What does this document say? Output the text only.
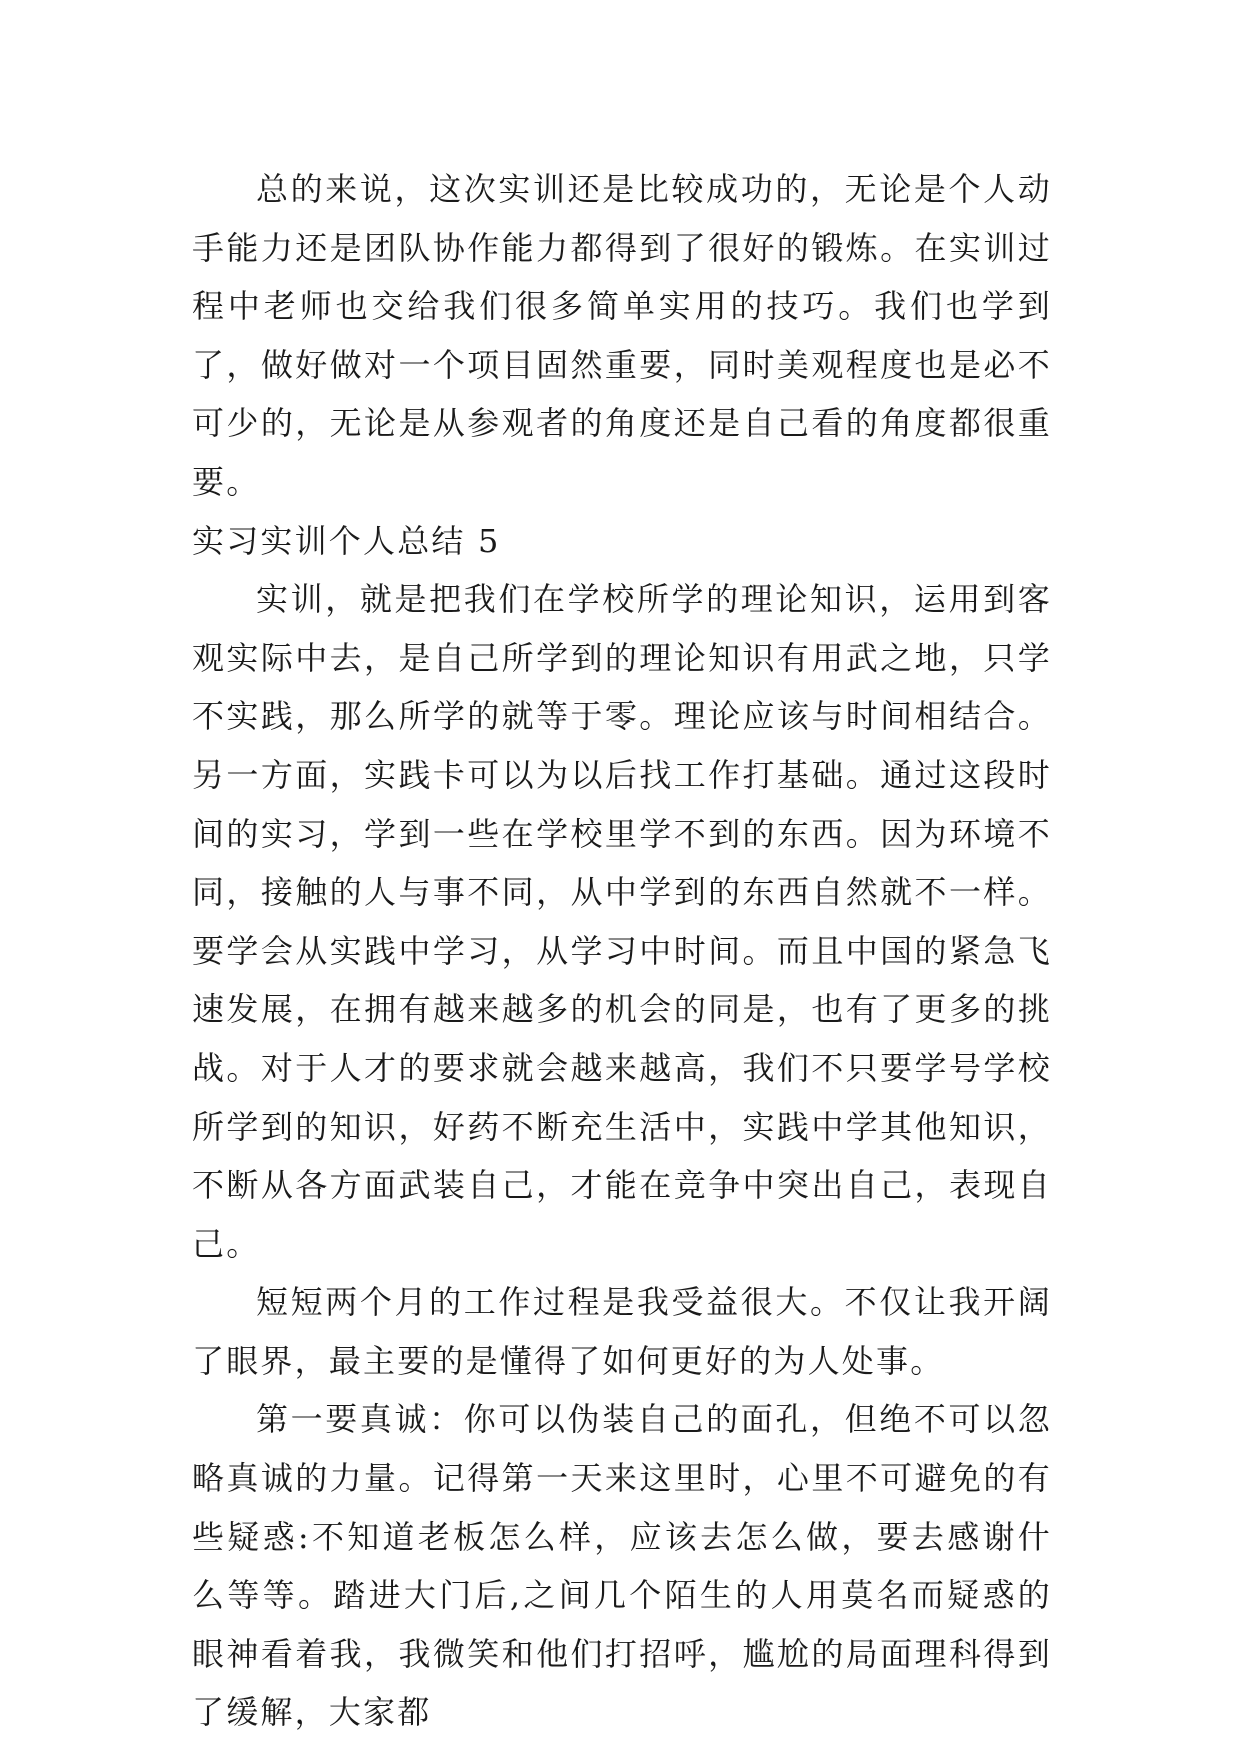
总的来说，这次实训还是比较成功的，无论是个人动手能力还是团队协作能力都得到了很好的锻炼。在实训过程中老师也交给我们很多简单实用的技巧。我们也学到了，做好做对一个项目固然重要，同时美观程度也是必不可少的，无论是从参观者的角度还是自己看的角度都很重要。

实习实训个人总结 5

实训，就是把我们在学校所学的理论知识，运用到客观实际中去，是自己所学到的理论知识有用武之地，只学不实践，那么所学的就等于零。理论应该与时间相结合。另一方面，实践卡可以为以后找工作打基础。通过这段时间的实习，学到一些在学校里学不到的东西。因为环境不同，接触的人与事不同，从中学到的东西自然就不一样。要学会从实践中学习，从学习中时间。而且中国的紧急飞速发展，在拥有越来越多的机会的同是，也有了更多的挑战。对于人才的要求就会越来越高，我们不只要学号学校所学到的知识，好药不断充生活中，实践中学其他知识，不断从各方面武装自己，才能在竞争中突出自己，表现自己。

短短两个月的工作过程是我受益很大。不仅让我开阔了眼界，最主要的是懂得了如何更好的为人处事。

第一要真诚：你可以伪装自己的面孔，但绝不可以忽略真诚的力量。记得第一天来这里时，心里不可避免的有些疑惑:不知道老板怎么样，应该去怎么做，要去感谢什么等等。踏进大门后,之间几个陌生的人用莫名而疑惑的眼神看着我，我微笑和他们打招呼，尴尬的局面理科得到了缓解，大家都
